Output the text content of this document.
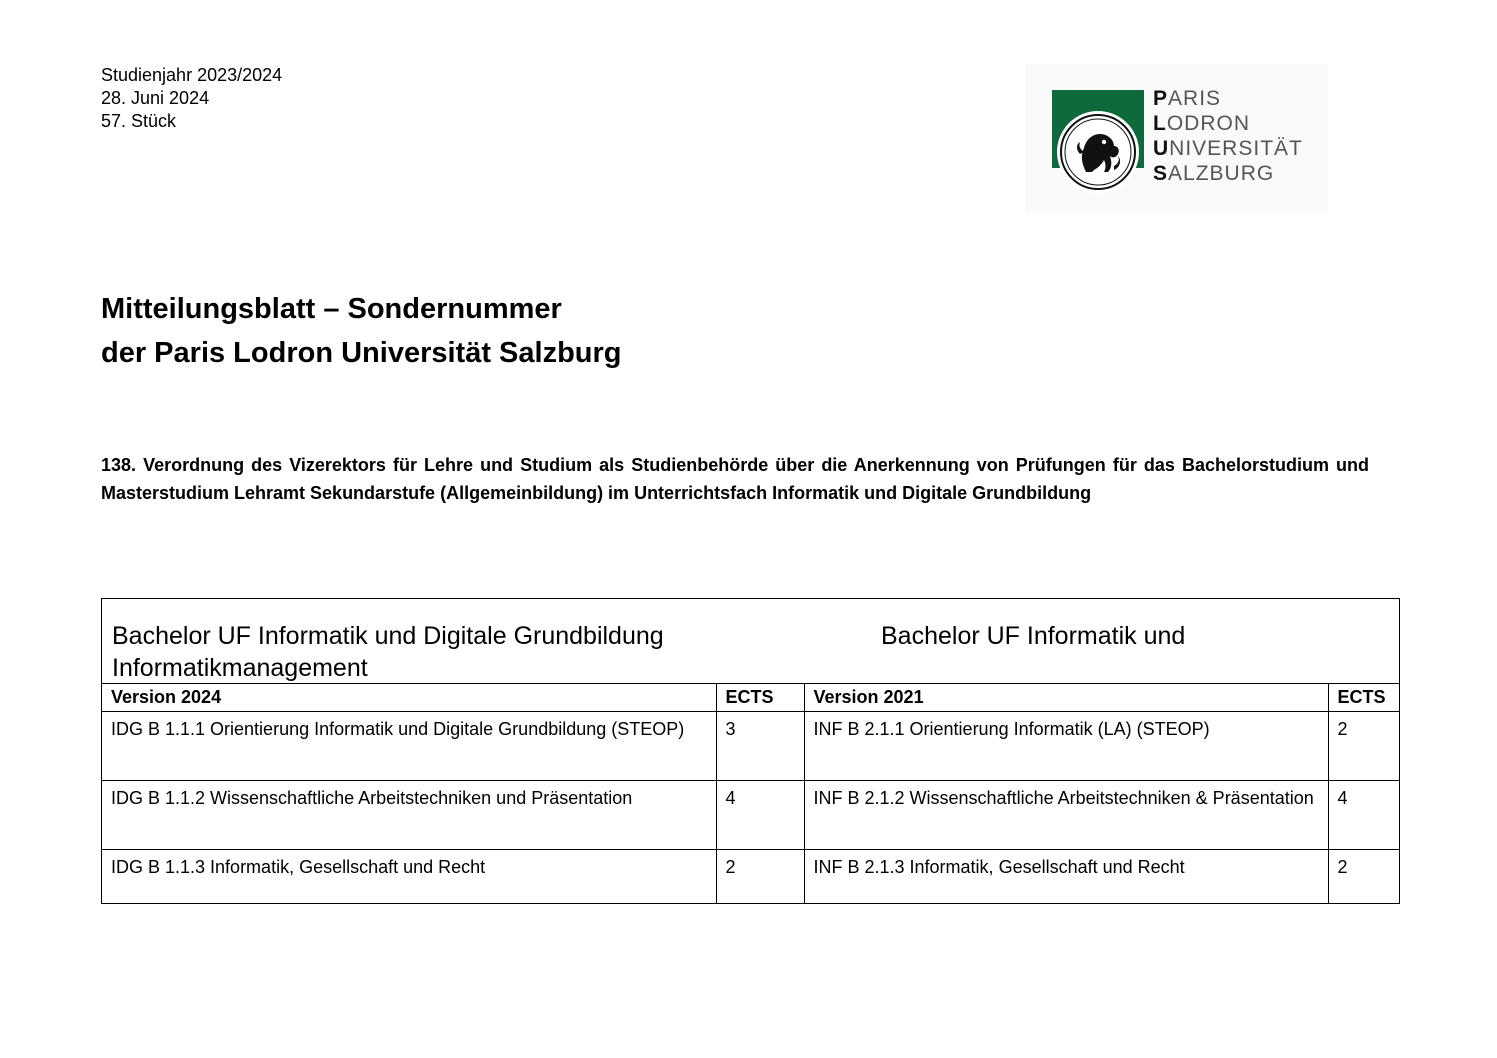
Studienjahr 2023/2024
28. Juni 2024
57. Stück
PARIS
LODRON
UNIVERSITÄT
SALZBURG
Mitteilungsblatt – Sondernummer
der Paris Lodron Universität Salzburg
138. Verordnung des Vizerektors für Lehre und Studium als Studienbehörde über die Anerkennung von Prüfungen für das Bachelorstudium und Masterstudium Lehramt Sekundarstufe (Allgemeinbildung) im Unterrichtsfach Informatik und Digitale Grundbildung
Bachelor UF Informatik und Digitale Grundbildung	Bachelor UF Informatik und
Informatikmanagement
Version 2024	ECTS	Version 2021	ECTS
IDG B 1.1.1 Orientierung Informatik und Digitale Grundbildung (STEOP)	3	INF B 2.1.1 Orientierung Informatik (LA) (STEOP)	2
IDG B 1.1.2 Wissenschaftliche Arbeitstechniken und Präsentation	4	INF B 2.1.2 Wissenschaftliche Arbeitstechniken & Präsentation	4
IDG B 1.1.3 Informatik, Gesellschaft und Recht	2	INF B 2.1.3 Informatik, Gesellschaft und Recht	2
